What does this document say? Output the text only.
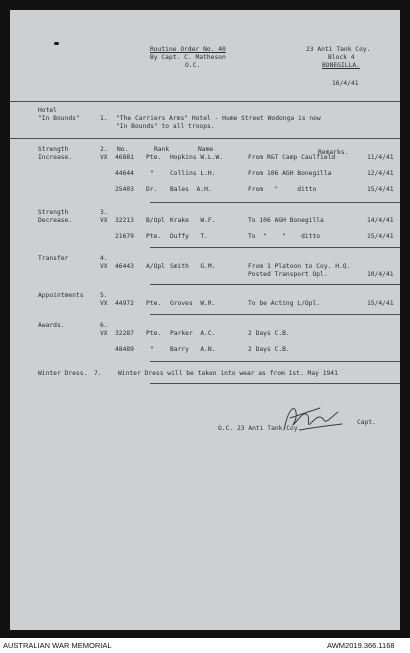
Routine Order No. 40
By Capt. C. Matheson
O.C.
23 Anti Tank Coy.
Block 4
BONEGILLA.
16/4/41
Hotel
"In Bounds"	1. "The Carriers Arms" Hotel - Hume Street Wodonga is now
"In Bounds" to all troops.
Strength
Increase.
2. No.	Rank	Name	Remarks.
VX 46881 Pte. Hopkins W.L.W.	From R&T Camp Caulfield	11/4/41
44644	"	Collins L.H.	From 106 AGH Bonegilla	12/4/41
25403 Dr. Bales  A.H.	From   "     ditto	15/4/41
Strength
Decrease.
3.
VX 32213 B/Opl Krake   W.F.	To 106 AGH Bonegilla	14/4/41
21679 Pte. Duffy   T.	To  "    "    ditto	15/4/41
Transfer	4.
VX 46443 A/Opl Smith   G.M.	From 1 Platoon to Coy. H.Q.
Posted Transport Opl.	10/4/41
Appointments	5.
VX 44972 Pte. Groves  W.R.	To be Acting L/Opl.	15/4/41
Awards.	6.
VX 32287 Pte. Parker  A.C.	2 Days C.B.
48489	"	Barry   A.N.	2 Days C.B.
Winter Dress. 7.	Winter Dress will be taken into wear as from 1st. May 1941
Capt.
O.C. 23 Anti Tank Coy.
AUSTRALIAN WAR MEMORIAL	AWM2019.366.1168
